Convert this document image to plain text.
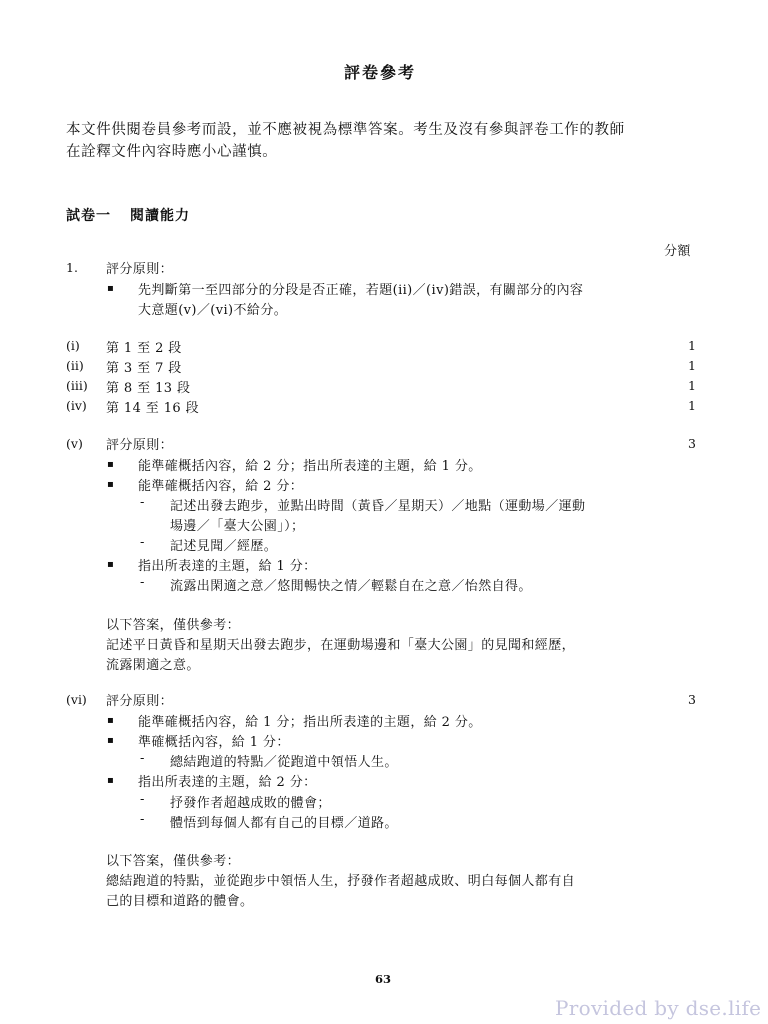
評卷參考
本文件供閱卷員參考而設，並不應被視為標準答案。考生及沒有參與評卷工作的教師
在詮釋文件內容時應小心謹慎。
試卷一 閱讀能力
分額
1. 評分原則：
▪ 先判斷第一至四部分的分段是否正確，若題(ii)／(iv)錯誤，有關部分的內容
大意題(v)／(vi)不給分。
(i) 第 1 至 2 段	1
(ii) 第 3 至 7 段	1
(iii) 第 8 至 13 段	1
(iv) 第 14 至 16 段	1
(v) 評分原則：	3
▪ 能準確概括內容，給 2 分；指出所表達的主題，給 1 分。
▪ 能準確概括內容，給 2 分：
- 記述出發去跑步，並點出時間（黃昏／星期天）／地點（運動場／運動
場邊／「臺大公園」）；
- 記述見聞／經歷。
▪ 指出所表達的主題，給 1 分：
- 流露出閑適之意／悠閒暢快之情／輕鬆自在之意／怡然自得。
以下答案，僅供參考：
記述平日黃昏和星期天出發去跑步，在運動場邊和「臺大公園」的見聞和經歷，
流露閑適之意。
(vi) 評分原則：	3
▪ 能準確概括內容，給 1 分；指出所表達的主題，給 2 分。
▪ 準確概括內容，給 1 分：
- 總結跑道的特點／從跑道中領悟人生。
▪ 指出所表達的主題，給 2 分：
- 抒發作者超越成敗的體會；
- 體悟到每個人都有自己的目標／道路。
以下答案，僅供參考：
總結跑道的特點，並從跑步中領悟人生，抒發作者超越成敗、明白每個人都有自
己的目標和道路的體會。
63
Provided by dse.life
